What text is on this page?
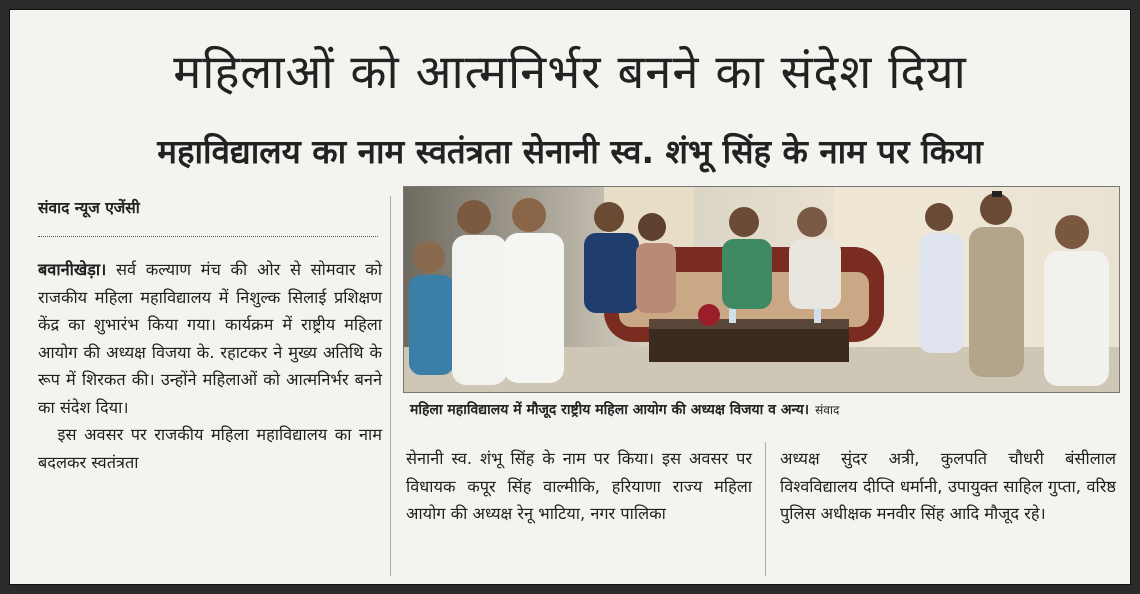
महिलाओं को आत्मनिर्भर बनने का संदेश दिया
महाविद्यालय का नाम स्वतंत्रता सेनानी स्व. शंभू सिंह के नाम पर किया
संवाद न्यूज एजेंसी

बवानीखेड़ा। सर्व कल्याण मंच की ओर से सोमवार को राजकीय महिला महाविद्यालय में निशुल्क सिलाई प्रशिक्षण केंद्र का शुभारंभ किया गया। कार्यक्रम में राष्ट्रीय महिला आयोग की अध्यक्ष विजया के. रहाटकर ने मुख्य अतिथि के रूप में शिरकत की। उन्होंने महिलाओं को आत्मनिर्भर बनने का संदेश दिया।

इस अवसर पर राजकीय महिला महाविद्यालय का नाम बदलकर स्वतंत्रता

महिला महाविद्यालय में मौजूद राष्ट्रीय महिला आयोग की अध्यक्ष विजया व अन्य। संवाद

सेनानी स्व. शंभू सिंह के नाम पर किया। इस अवसर पर विधायक कपूर सिंह वाल्मीकि, हरियाणा राज्य महिला आयोग की अध्यक्ष रेनू भाटिया, नगर पालिका

अध्यक्ष सुंदर अत्री, कुलपति चौधरी बंसीलाल विश्वविद्यालय दीप्ति धर्मानी, उपायुक्त साहिल गुप्ता, वरिष्ठ पुलिस अधीक्षक मनवीर सिंह आदि मौजूद रहे।
